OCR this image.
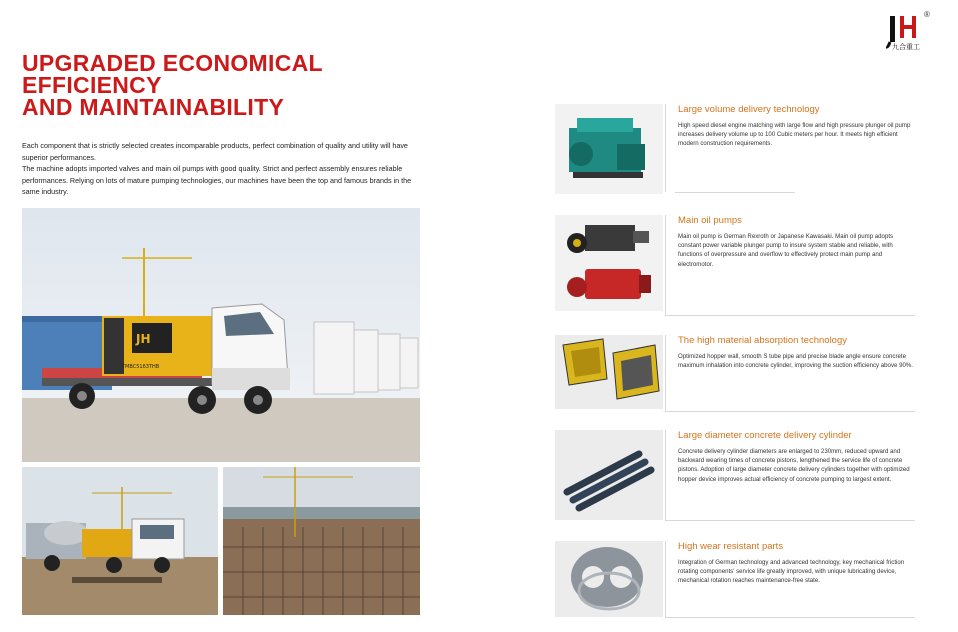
九合重工
®
UPGRADED ECONOMICAL
EFFICIENCY
AND MAINTAINABILITY

Each component that is strictly selected creates incomparable products, perfect combination of quality and utility will have superior performances.

The machine adopts imported valves and main oil pumps with good quality. Strict and perfect assembly ensures reliable performances. Relying on lots of mature pumping technologies, our machines have been the top and famous brands in the same industry.

JH
TMBC5163THB
Large volume delivery technology
High speed diesel engine matching with large flow and high pressure plunger oil pump increases delivery volume up to 100 Cubic meters per hour. It meets high efficient modern construction requirements.
Main oil pumps
Main oil pump is German Rexroth or Japanese Kawasaki. Main oil pump adopts constant power variable plunger pump to insure system stable and reliable, with functions of overpressure and overflow to effectively protect main pump and electromotor.
The high material absorption technology
Optimized hopper wall, smooth S tube pipe and precise blade angle ensure concrete maximum inhalation into concrete cylinder, improving the suction efficiency above 90%.
Large diameter concrete delivery cylinder
Concrete delivery cylinder diameters are enlarged to 230mm, reduced upward and backward wearing times of concrete pistons, lengthened the service life of concrete pistons. Adoption of large diameter concrete delivery cylinders together with optimized hopper device improves actual efficiency of concrete pumping to largest extent.
High wear resistant parts
Integration of German technology and advanced technology, key mechanical friction rotating components' service life greatly improved, with unique lubricating device, mechanical rotation reaches maintenance-free state.
